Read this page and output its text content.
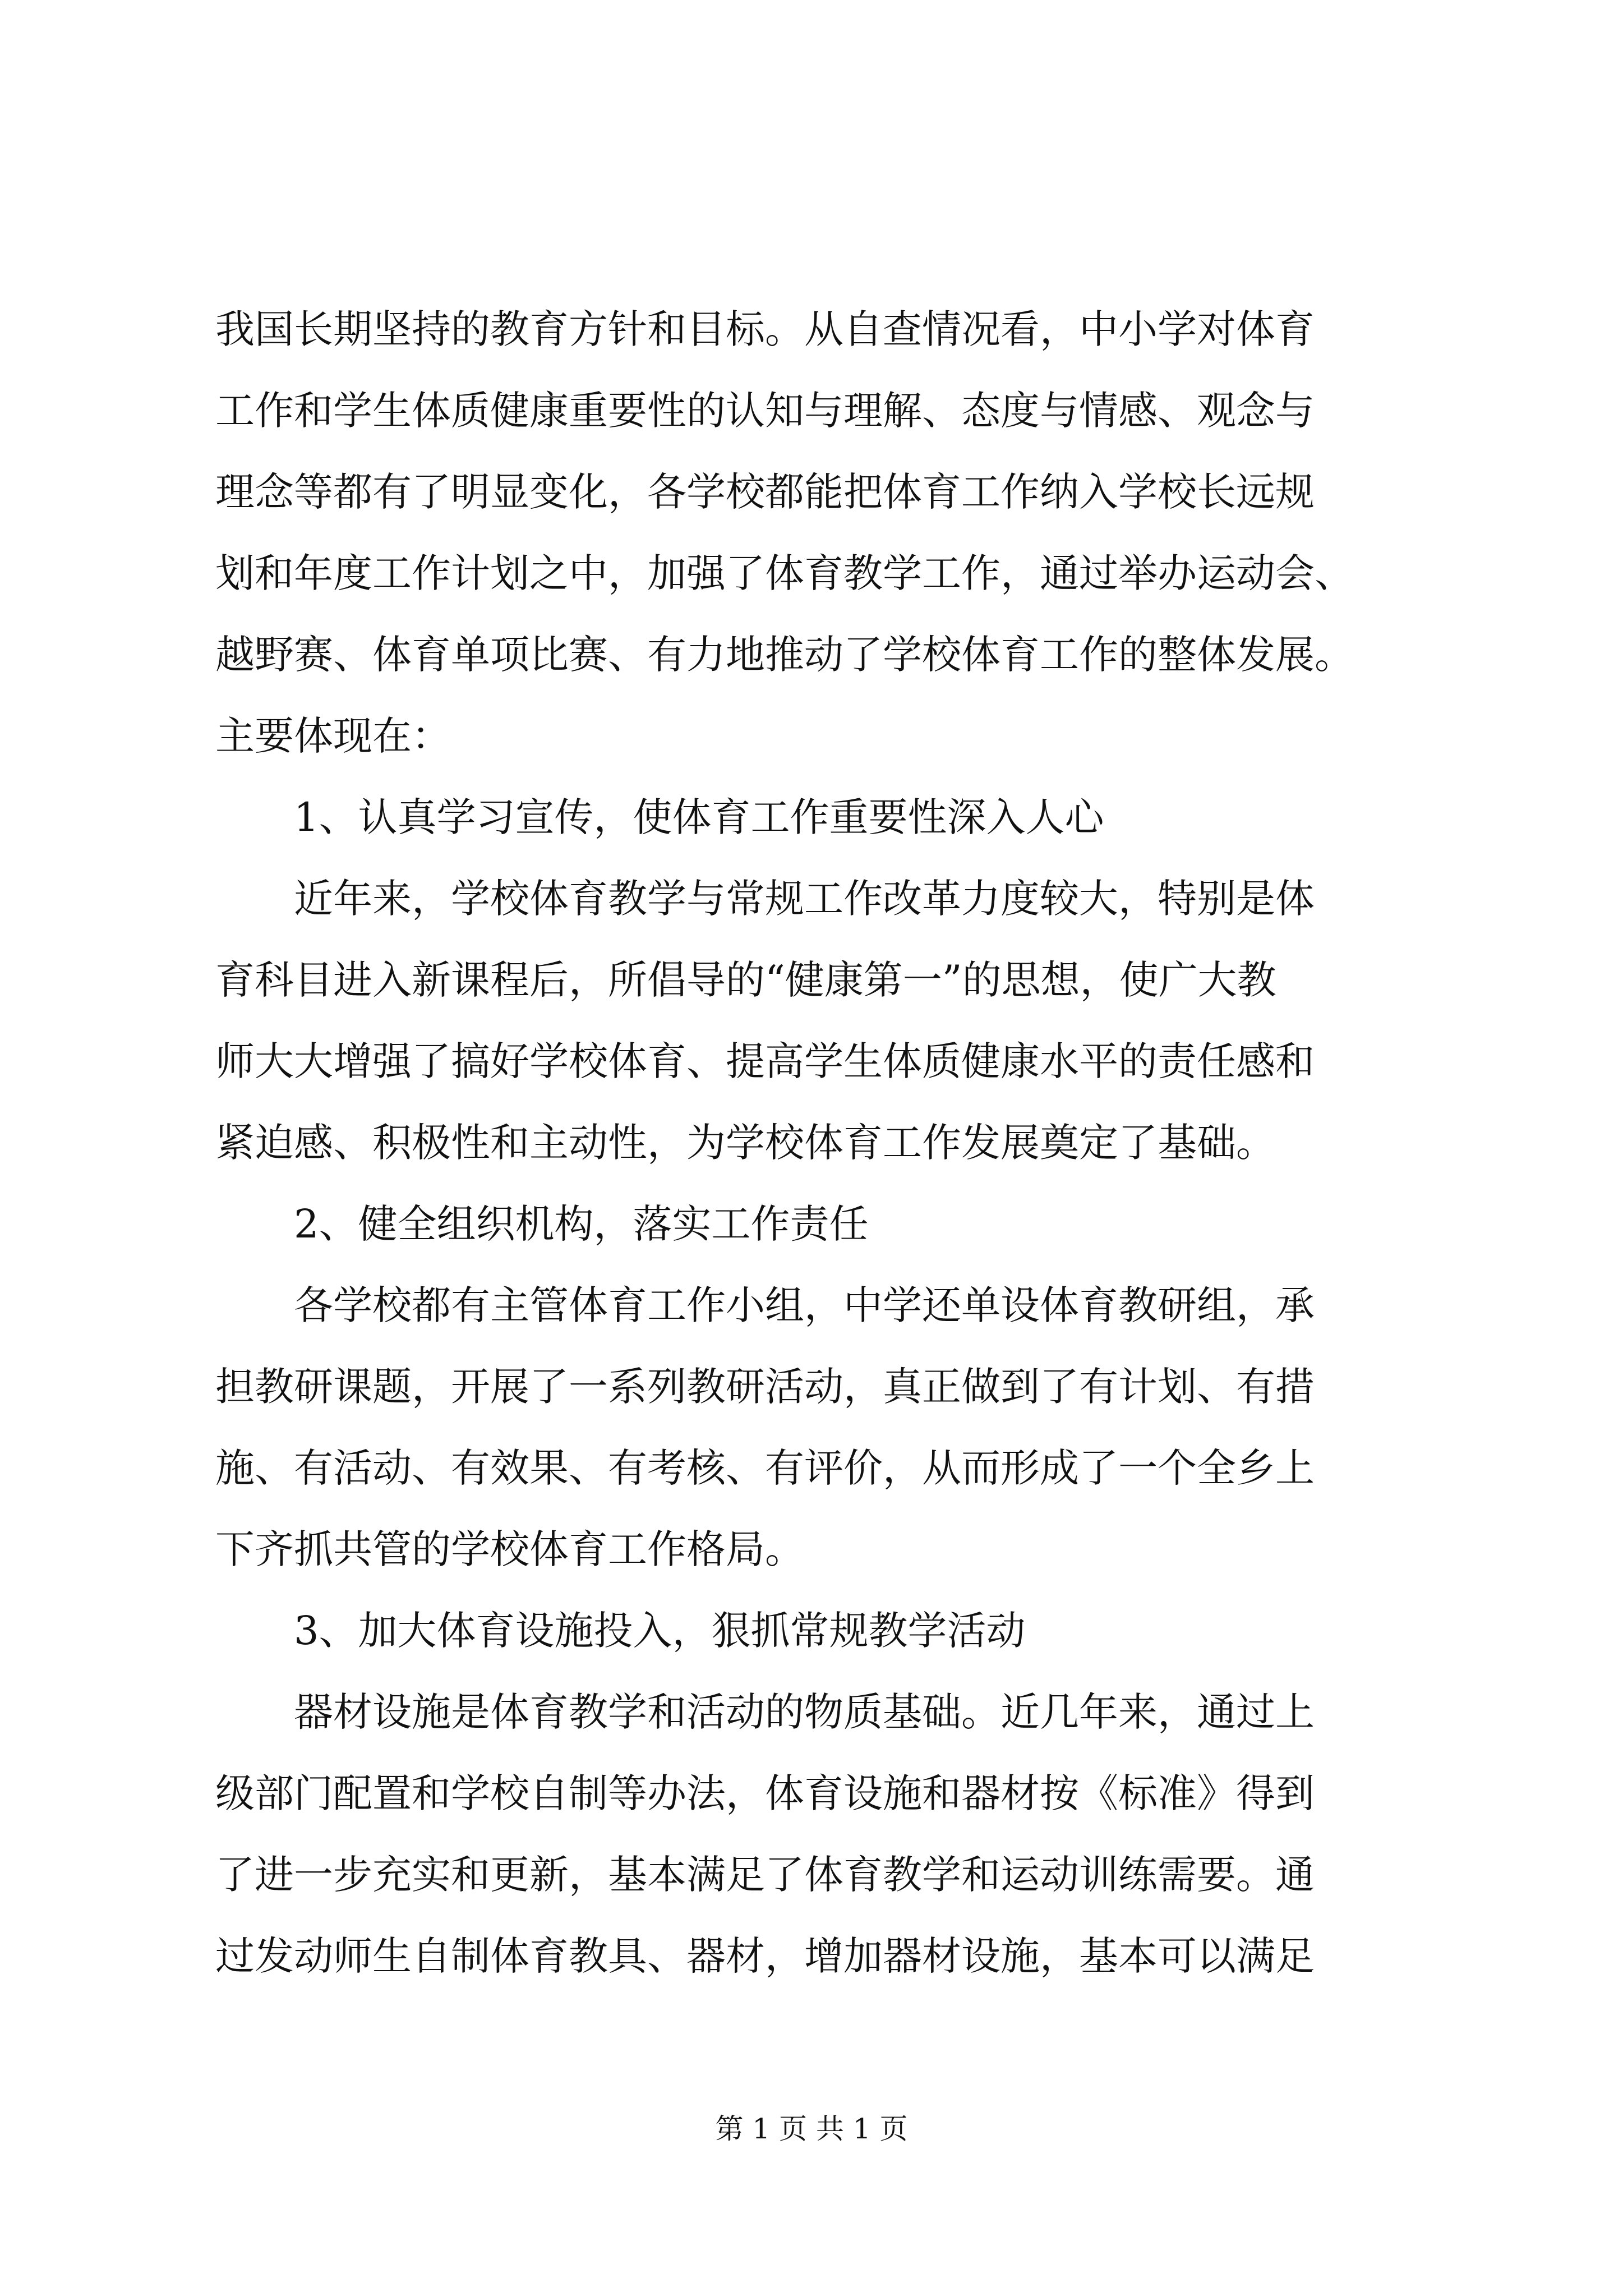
我国长期坚持的教育方针和目标。从自查情况看，中小学对体育
工作和学生体质健康重要性的认知与理解、态度与情感、观念与
理念等都有了明显变化，各学校都能把体育工作纳入学校长远规
划和年度工作计划之中，加强了体育教学工作，通过举办运动会、
越野赛、体育单项比赛、有力地推动了学校体育工作的整体发展。
主要体现在：
　　1、认真学习宣传，使体育工作重要性深入人心
　　近年来，学校体育教学与常规工作改革力度较大，特别是体
育科目进入新课程后，所倡导的“健康第一”的思想，使广大教
师大大增强了搞好学校体育、提高学生体质健康水平的责任感和
紧迫感、积极性和主动性，为学校体育工作发展奠定了基础。
　　2、健全组织机构，落实工作责任
　　各学校都有主管体育工作小组，中学还单设体育教研组，承
担教研课题，开展了一系列教研活动，真正做到了有计划、有措
施、有活动、有效果、有考核、有评价，从而形成了一个全乡上
下齐抓共管的学校体育工作格局。
　　3、加大体育设施投入，狠抓常规教学活动
　　器材设施是体育教学和活动的物质基础。近几年来，通过上
级部门配置和学校自制等办法，体育设施和器材按《标准》得到
了进一步充实和更新，基本满足了体育教学和运动训练需要。通
过发动师生自制体育教具、器材，增加器材设施，基本可以满足
第 1 页 共 1 页
